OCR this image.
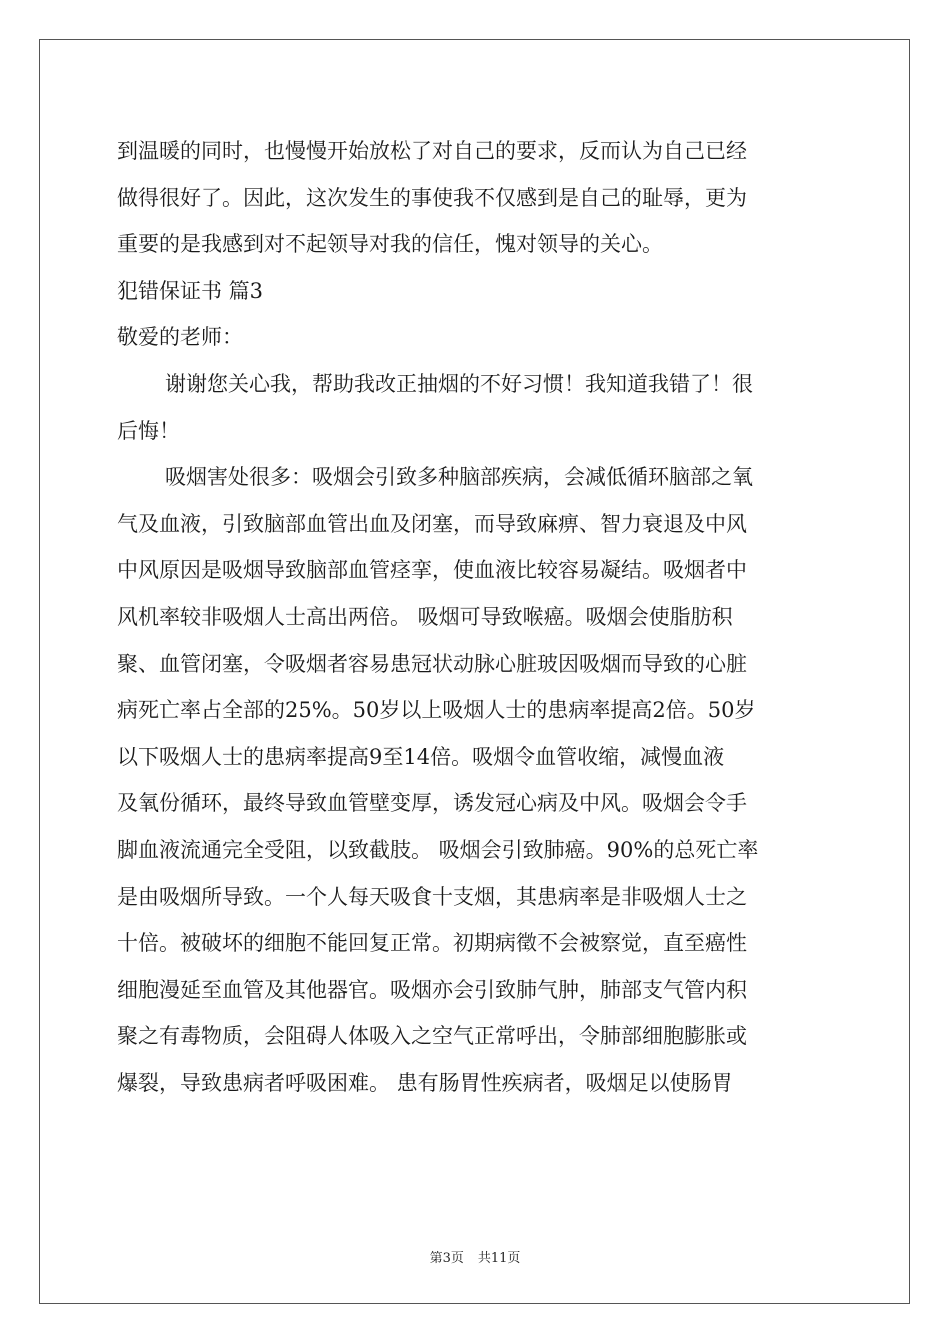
到温暖的同时，也慢慢开始放松了对自己的要求，反而认为自己已经
做得很好了。因此，这次发生的事使我不仅感到是自己的耻辱，更为
重要的是我感到对不起领导对我的信任，愧对领导的关心。
犯错保证书 篇3
敬爱的老师：
谢谢您关心我，帮助我改正抽烟的不好习惯！我知道我错了！很
后悔！
吸烟害处很多：吸烟会引致多种脑部疾病，会减低循环脑部之氧
气及血液，引致脑部血管出血及闭塞，而导致麻痹、智力衰退及中风
中风原因是吸烟导致脑部血管痉挛，使血液比较容易凝结。吸烟者中
风机率较非吸烟人士高出两倍。 吸烟可导致喉癌。吸烟会使脂肪积
聚、血管闭塞，令吸烟者容易患冠状动脉心脏玻因吸烟而导致的心脏
病死亡率占全部的25%。50岁以上吸烟人士的患病率提高2倍。50岁
以下吸烟人士的患病率提高9至14倍。吸烟令血管收缩，减慢血液
及氧份循环，最终导致血管壁变厚，诱发冠心病及中风。吸烟会令手
脚血液流通完全受阻，以致截肢。 吸烟会引致肺癌。90%的总死亡率
是由吸烟所导致。一个人每天吸食十支烟，其患病率是非吸烟人士之
十倍。被破坏的细胞不能回复正常。初期病徵不会被察觉，直至癌性
细胞漫延至血管及其他器官。吸烟亦会引致肺气肿，肺部支气管内积
聚之有毒物质，会阻碍人体吸入之空气正常呼出，令肺部细胞膨胀或
爆裂，导致患病者呼吸困难。 患有肠胃性疾病者，吸烟足以使肠胃
第3页 共11页
